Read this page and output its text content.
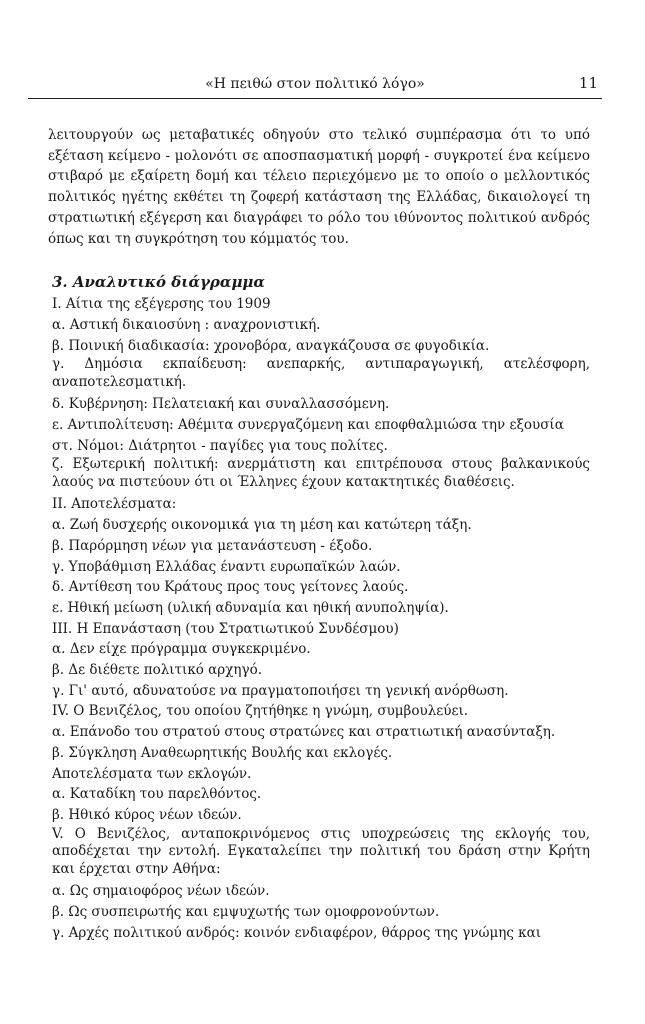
«Η πειθώ στον πολιτικό λόγο»	11

λειτουργούν ως μεταβατικές οδηγούν στο τελικό συμπέρασμα ότι το υπό εξέταση κείμενο - μολονότι σε αποσπασματική μορφή - συγκροτεί ένα κείμενο στιβαρό με εξαίρετη δομή και τέλειο περιεχόμενο με το οποίο ο μελλοντικός πολιτικός ηγέτης εκθέτει τη ζοφερή κατάσταση της Ελλάδας, δικαιολογεί τη στρατιωτική εξέγερση και διαγράφει το ρόλο του ιθύνοντος πολιτικού ανδρός όπως και τη συγκρότηση του κόμματός του.

3. Αναλυτικό διάγραμμα
Ι. Αίτια της εξέγερσης του 1909
α. Αστική δικαιοσύνη : αναχρονιστική.
β. Ποινική διαδικασία: χρονοβόρα, αναγκάζουσα σε φυγοδικία.
γ. Δημόσια εκπαίδευση: ανεπαρκής, αντιπαραγωγική, ατελέσφορη, αναποτελεσματική.
δ. Κυβέρνηση: Πελατειακή και συναλλασσόμενη.
ε. Αντιπολίτευση: Αθέμιτα συνεργαζόμενη και εποφθαλμιώσα την εξουσία
στ. Νόμοι: Διάτρητοι - παγίδες για τους πολίτες.
ζ. Εξωτερική πολιτική: ανερμάτιστη και επιτρέπουσα στους βαλκανικούς λαούς να πιστεύουν ότι οι Έλληνες έχουν κατακτητικές διαθέσεις.
ΙΙ. Αποτελέσματα:
α. Ζωή δυσχερής οικονομικά για τη μέση και κατώτερη τάξη.
β. Παρόρμηση νέων για μετανάστευση - έξοδο.
γ. Υποβάθμιση Ελλάδας έναντι ευρωπαϊκών λαών.
δ. Αντίθεση του Κράτους προς τους γείτονες λαούς.
ε. Ηθική μείωση (υλική αδυναμία και ηθική ανυποληψία).
ΙΙΙ. Η Επανάσταση (του Στρατιωτικού Συνδέσμου)
α. Δεν είχε πρόγραμμα συγκεκριμένο.
β. Δε διέθετε πολιτικό αρχηγό.
γ. Γι' αυτό, αδυνατούσε να πραγματοποιήσει τη γενική ανόρθωση.
ΙV. Ο Βενιζέλος, του οποίου ζητήθηκε η γνώμη, συμβουλεύει.
α. Επάνοδο του στρατού στους στρατώνες και στρατιωτική ανασύνταξη.
β. Σύγκληση Αναθεωρητικής Βουλής και εκλογές.
Αποτελέσματα των εκλογών.
α. Καταδίκη του παρελθόντος.
β. Ηθικό κύρος νέων ιδεών.
V. Ο Βενιζέλος, ανταποκρινόμενος στις υποχρεώσεις της εκλογής του, αποδέχεται την εντολή. Εγκαταλείπει την πολιτική του δράση στην Κρήτη και έρχεται στην Αθήνα:
α. Ως σημαιοφόρος νέων ιδεών.
β. Ως συσπειρωτής και εμψυχωτής των ομοφρονούντων.
γ. Αρχές πολιτικού ανδρός: κοινόν ενδιαφέρον, θάρρος της γνώμης και
